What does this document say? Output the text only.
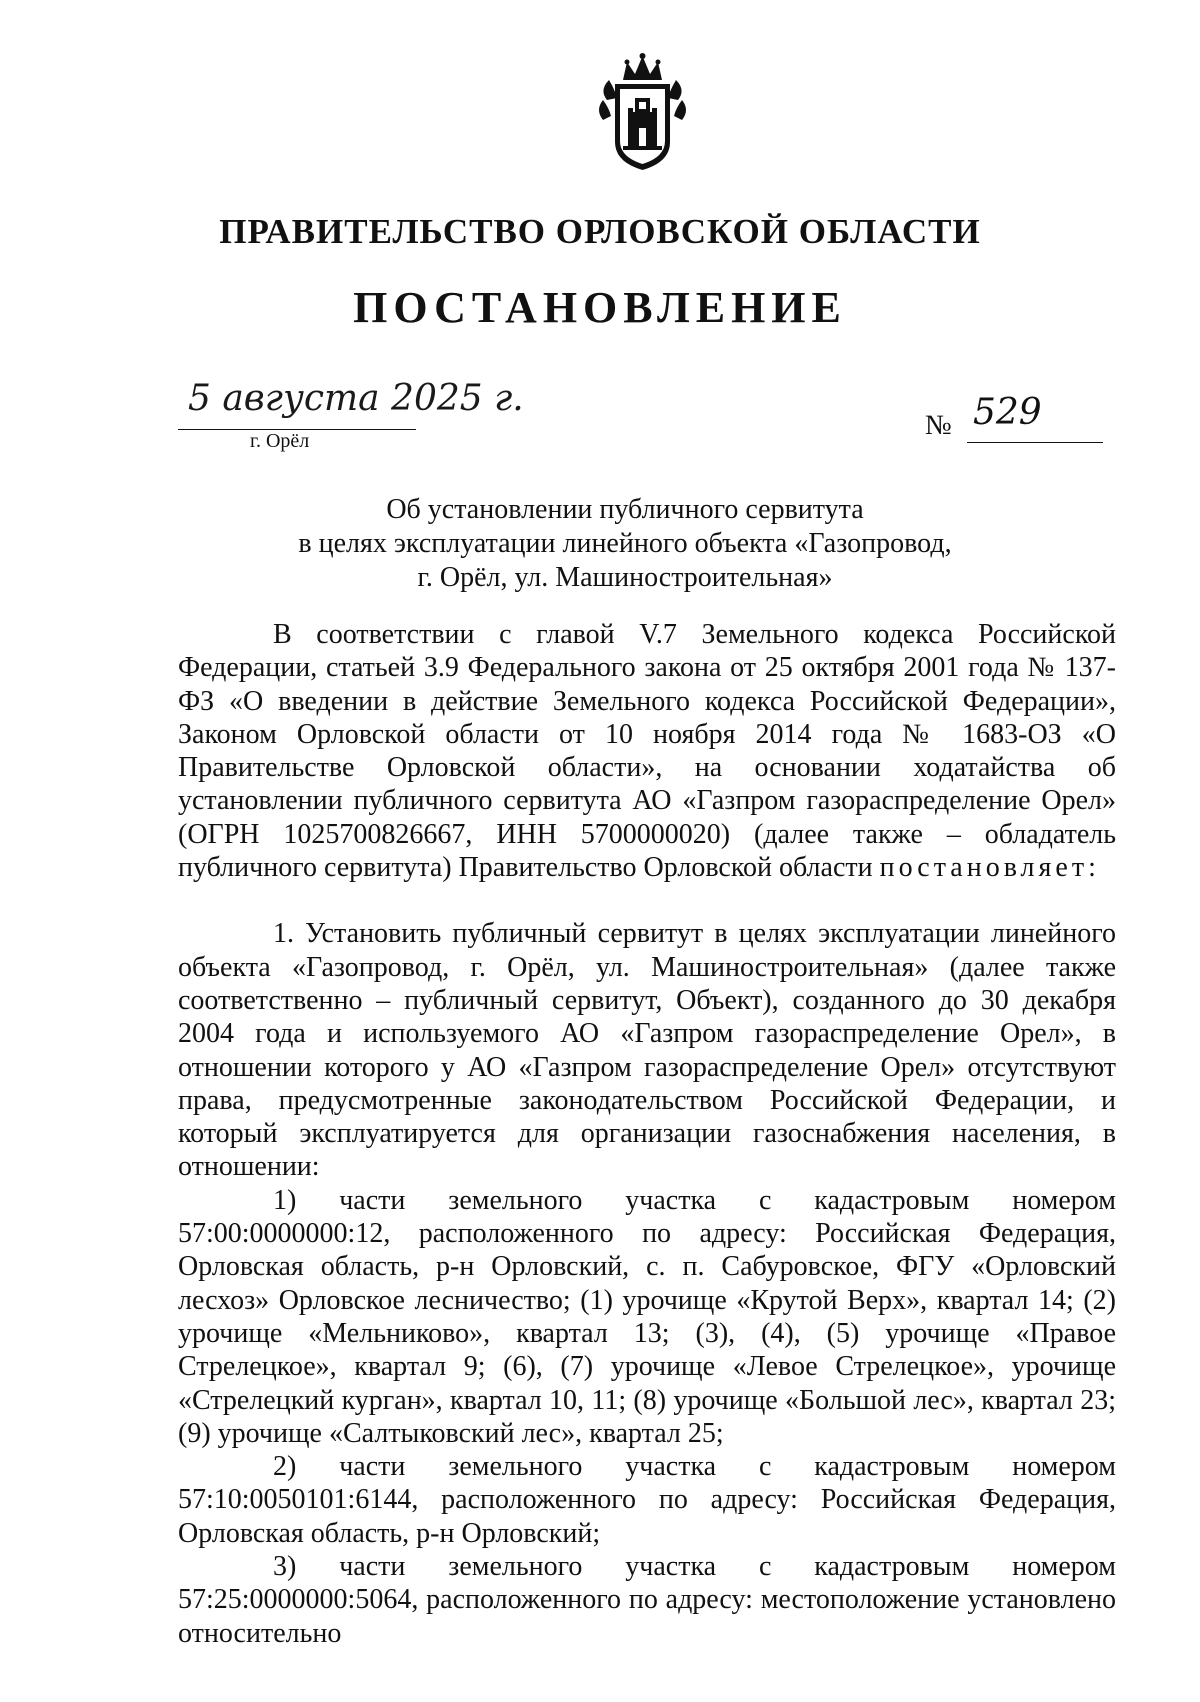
ПРАВИТЕЛЬСТВО ОРЛОВСКОЙ ОБЛАСТИ
ПОСТАНОВЛЕНИЕ
5 августа 2025 г.
г. Орёл	№ 529
Об установлении публичного сервитута
в целях эксплуатации линейного объекта «Газопровод,
г. Орёл, ул. Машиностроительная»

В соответствии с главой V.7 Земельного кодекса Российской Федерации, статьей 3.9 Федерального закона от 25 октября 2001 года № 137-ФЗ «О введении в действие Земельного кодекса Российской Федерации», Законом Орловской области от 10 ноября 2014 года № 1683-ОЗ «О Правительстве Орловской области», на основании ходатайства об установлении публичного сервитута АО «Газпром газораспределение Орел» (ОГРН 1025700826667, ИНН 5700000020) (далее также – обладатель публичного сервитута) Правительство Орловской области постановляет:

1. Установить публичный сервитут в целях эксплуатации линейного объекта «Газопровод, г. Орёл, ул. Машиностроительная» (далее также соответственно – публичный сервитут, Объект), созданного до 30 декабря 2004 года и используемого АО «Газпром газораспределение Орел», в отношении которого у АО «Газпром газораспределение Орел» отсутствуют права, предусмотренные законодательством Российской Федерации, и который эксплуатируется для организации газоснабжения населения, в отношении:

1) части земельного участка с кадастровым номером 57:00:0000000:12, расположенного по адресу: Российская Федерация, Орловская область, р-н Орловский, с. п. Сабуровское, ФГУ «Орловский лесхоз» Орловское лесничество; (1) урочище «Крутой Верх», квартал 14; (2) урочище «Мельниково», квартал 13; (3), (4), (5) урочище «Правое Стрелецкое», квартал 9; (6), (7) урочище «Левое Стрелецкое», урочище «Стрелецкий курган», квартал 10, 11; (8) урочище «Большой лес», квартал 23; (9) урочище «Салтыковский лес», квартал 25;

2) части земельного участка с кадастровым номером 57:10:0050101:6144, расположенного по адресу: Российская Федерация, Орловская область, р-н Орловский;

3) части земельного участка с кадастровым номером 57:25:0000000:5064, расположенного по адресу: местоположение установлено относительно
